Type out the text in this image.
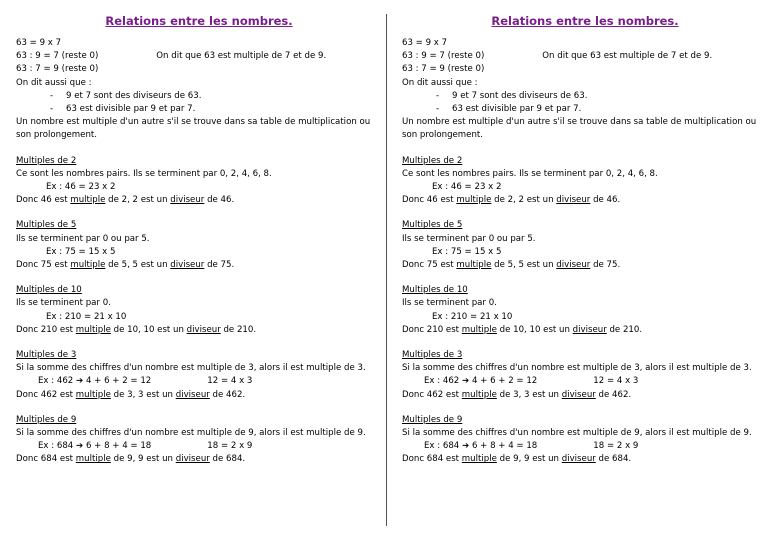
Relations entre les nombres.
63 = 9 x 7
63 : 9 = 7 (reste 0)	On dit que 63 est multiple de 7 et de 9.
63 : 7 = 9 (reste 0)
On dit aussi que :
- 9 et 7 sont des diviseurs de 63.
- 63 est divisible par 9 et par 7.
Un nombre est multiple d'un autre s'il se trouve dans sa table de multiplication ou son prolongement.
Multiples de 2
Ce sont les nombres pairs. Ils se terminent par 0, 2, 4, 6, 8.
Ex : 46 = 23 x 2
Donc 46 est multiple de 2, 2 est un diviseur de 46.
Multiples de 5
Ils se terminent par 0 ou par 5.
Ex : 75 = 15 x 5
Donc 75 est multiple de 5, 5 est un diviseur de 75.
Multiples de 10
Ils se terminent par 0.
Ex : 210 = 21 x 10
Donc 210 est multiple de 10, 10 est un diviseur de 210.
Multiples de 3
Si la somme des chiffres d'un nombre est multiple de 3, alors il est multiple de 3.
Ex : 462 ➔ 4 + 6 + 2 = 12	12 = 4 x 3
Donc 462 est multiple de 3, 3 est un diviseur de 462.
Multiples de 9
Si la somme des chiffres d'un nombre est multiple de 9, alors il est multiple de 9.
Ex : 684 ➔ 6 + 8 + 4 = 18	18 = 2 x 9
Donc 684 est multiple de 9, 9 est un diviseur de 684.
Relations entre les nombres.
63 = 9 x 7
63 : 9 = 7 (reste 0)	On dit que 63 est multiple de 7 et de 9.
63 : 7 = 9 (reste 0)
On dit aussi que :
- 9 et 7 sont des diviseurs de 63.
- 63 est divisible par 9 et par 7.
Un nombre est multiple d'un autre s'il se trouve dans sa table de multiplication ou son prolongement.
Multiples de 2
Ce sont les nombres pairs. Ils se terminent par 0, 2, 4, 6, 8.
Ex : 46 = 23 x 2
Donc 46 est multiple de 2, 2 est un diviseur de 46.
Multiples de 5
Ils se terminent par 0 ou par 5.
Ex : 75 = 15 x 5
Donc 75 est multiple de 5, 5 est un diviseur de 75.
Multiples de 10
Ils se terminent par 0.
Ex : 210 = 21 x 10
Donc 210 est multiple de 10, 10 est un diviseur de 210.
Multiples de 3
Si la somme des chiffres d'un nombre est multiple de 3, alors il est multiple de 3.
Ex : 462 ➔ 4 + 6 + 2 = 12	12 = 4 x 3
Donc 462 est multiple de 3, 3 est un diviseur de 462.
Multiples de 9
Si la somme des chiffres d'un nombre est multiple de 9, alors il est multiple de 9.
Ex : 684 ➔ 6 + 8 + 4 = 18	18 = 2 x 9
Donc 684 est multiple de 9, 9 est un diviseur de 684.
